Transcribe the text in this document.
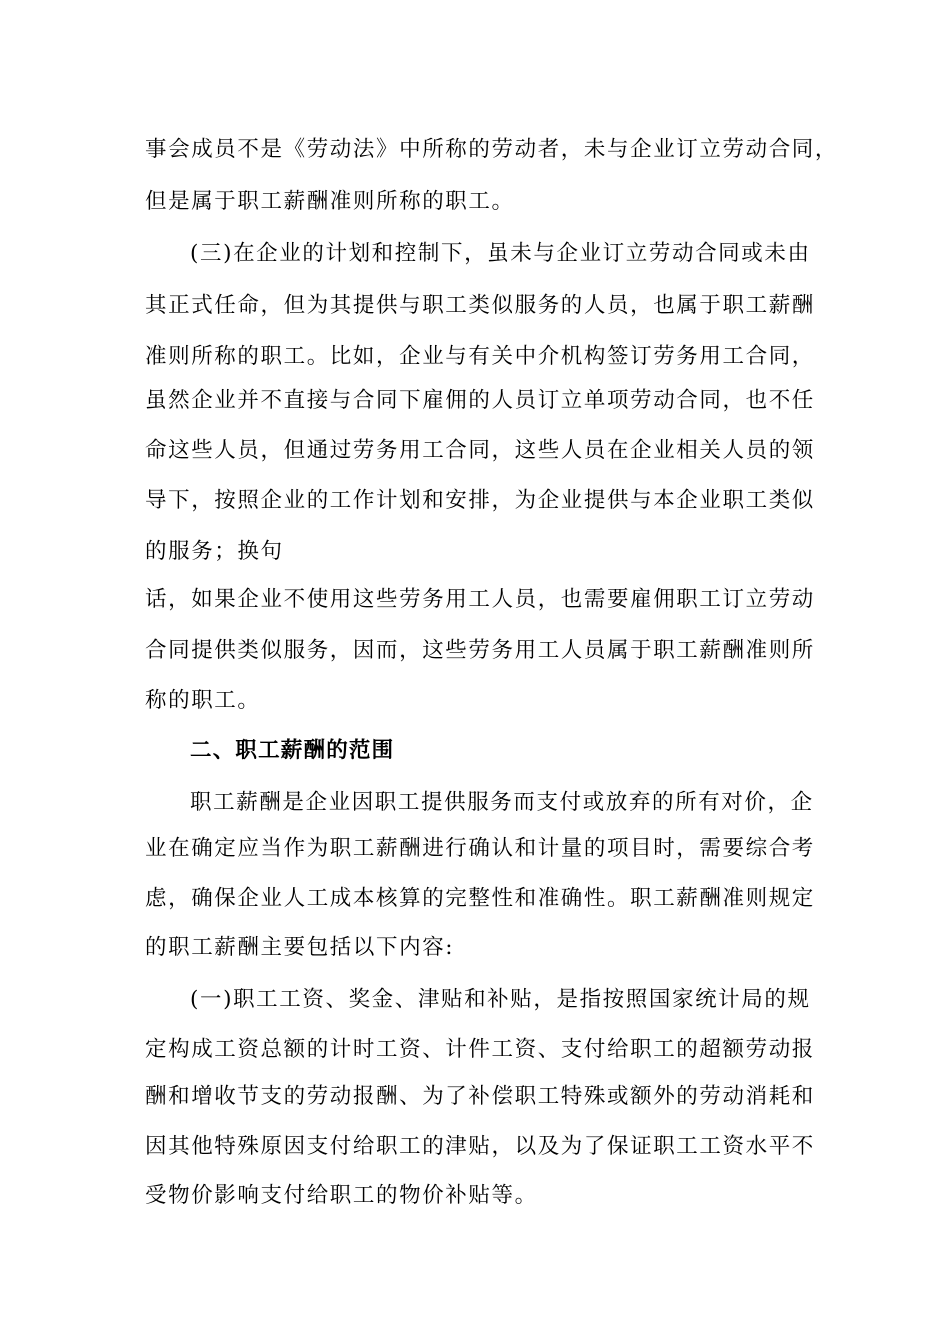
事会成员不是《劳动法》中所称的劳动者，未与企业订立劳动合同，
但是属于职工薪酬准则所称的职工。
(三)在企业的计划和控制下，虽未与企业订立劳动合同或未由
其正式任命，但为其提供与职工类似服务的人员，也属于职工薪酬
准则所称的职工。比如，企业与有关中介机构签订劳务用工合同，
虽然企业并不直接与合同下雇佣的人员订立单项劳动合同，也不任
命这些人员，但通过劳务用工合同，这些人员在企业相关人员的领
导下，按照企业的工作计划和安排，为企业提供与本企业职工类似
的服务；换句
话，如果企业不使用这些劳务用工人员，也需要雇佣职工订立劳动
合同提供类似服务，因而，这些劳务用工人员属于职工薪酬准则所
称的职工。
二、职工薪酬的范围
职工薪酬是企业因职工提供服务而支付或放弃的所有对价，企
业在确定应当作为职工薪酬进行确认和计量的项目时，需要综合考
虑，确保企业人工成本核算的完整性和准确性。职工薪酬准则规定
的职工薪酬主要包括以下内容:
(一)职工工资、奖金、津贴和补贴，是指按照国家统计局的规
定构成工资总额的计时工资、计件工资、支付给职工的超额劳动报
酬和增收节支的劳动报酬、为了补偿职工特殊或额外的劳动消耗和
因其他特殊原因支付给职工的津贴，以及为了保证职工工资水平不
受物价影响支付给职工的物价补贴等。
